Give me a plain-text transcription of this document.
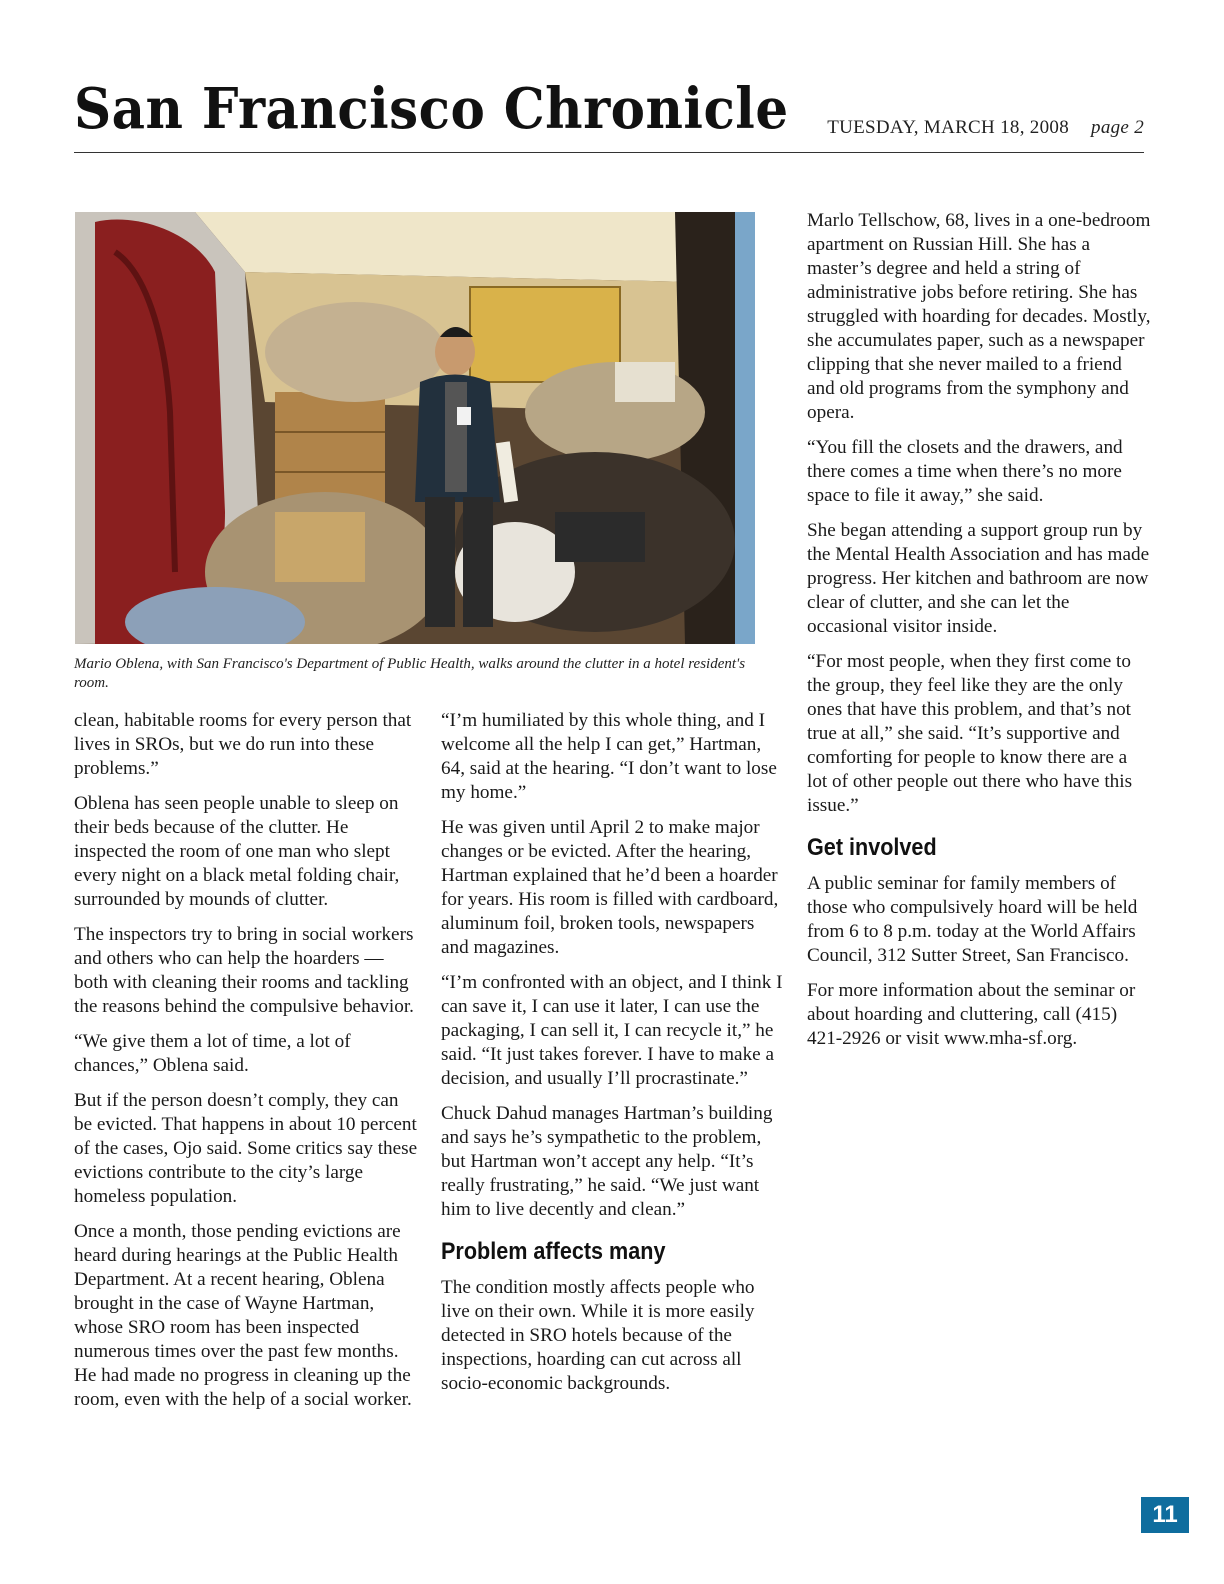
San Francisco Chronicle TUESDAY, MARCH 18, 2008 page 2
Mario Oblena, with San Francisco's Department of Public Health, walks around the clutter in a hotel resident's room.

clean, habitable rooms for every person that lives in SROs, but we do run into these problems.”

Oblena has seen people unable to sleep on their beds because of the clutter. He inspected the room of one man who slept every night on a black metal folding chair, surrounded by mounds of clutter.

The inspectors try to bring in social workers and others who can help the hoarders — both with cleaning their rooms and tackling the reasons behind the compulsive behavior.

“We give them a lot of time, a lot of chances,” Oblena said.

But if the person doesn’t comply, they can be evicted. That happens in about 10 percent of the cases, Ojo said. Some critics say these evictions contribute to the city’s large homeless population.

Once a month, those pending evictions are heard during hearings at the Public Health Department. At a recent hearing, Oblena brought in the case of Wayne Hartman, whose SRO room has been inspected numerous times over the past few months. He had made no progress in cleaning up the room, even with the help of a social worker.

“I’m humiliated by this whole thing, and I welcome all the help I can get,” Hartman, 64, said at the hearing. “I don’t want to lose my home.”

He was given until April 2 to make major changes or be evicted. After the hearing, Hartman explained that he’d been a hoarder for years. His room is filled with cardboard, aluminum foil, broken tools, newspapers and magazines.

“I’m confronted with an object, and I think I can save it, I can use it later, I can use the packaging, I can sell it, I can recycle it,” he said. “It just takes forever. I have to make a decision, and usually I’ll procrastinate.”

Chuck Dahud manages Hartman’s building and says he’s sympathetic to the problem, but Hartman won’t accept any help. “It’s really frustrating,” he said. “We just want him to live decently and clean.”

Problem affects many

The condition mostly affects people who live on their own. While it is more easily detected in SRO hotels because of the inspections, hoarding can cut across all socio-economic backgrounds.

Marlo Tellschow, 68, lives in a one-bedroom apartment on Russian Hill. She has a master’s degree and held a string of administrative jobs before retiring. She has struggled with hoarding for decades. Mostly, she accumulates paper, such as a newspaper clipping that she never mailed to a friend and old programs from the symphony and opera.

“You fill the closets and the drawers, and there comes a time when there’s no more space to file it away,” she said.

She began attending a support group run by the Mental Health Association and has made progress. Her kitchen and bathroom are now clear of clutter, and she can let the occasional visitor inside.

“For most people, when they first come to the group, they feel like they are the only ones that have this problem, and that’s not true at all,” she said. “It’s supportive and comforting for people to know there are a lot of other people out there who have this issue.”

Get involved

A public seminar for family members of those who compulsively hoard will be held from 6 to 8 p.m. today at the World Affairs Council, 312 Sutter Street, San Francisco.

For more information about the seminar or about hoarding and cluttering, call (415) 421-2926 or visit www.mha-sf.org.

11
